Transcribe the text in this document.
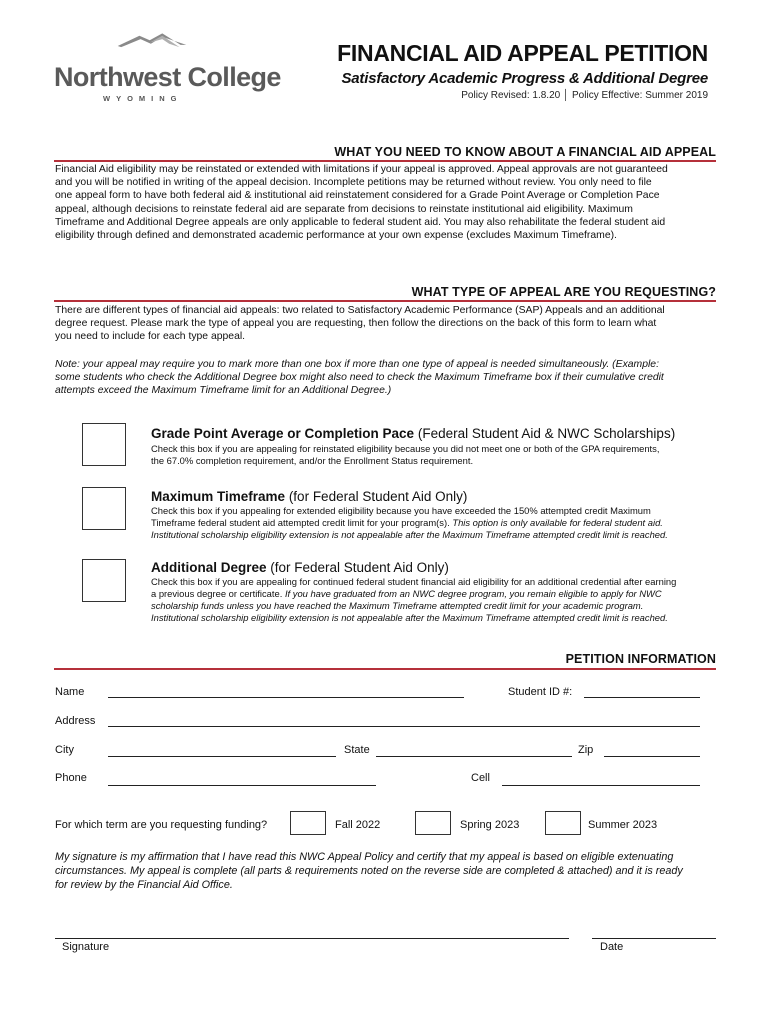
Northwest College
WYOMING
FINANCIAL AID APPEAL PETITION
Satisfactory Academic Progress & Additional Degree
Policy Revised: 1.8.20 │ Policy Effective: Summer 2019
WHAT YOU NEED TO KNOW ABOUT A FINANCIAL AID APPEAL
Financial Aid eligibility may be reinstated or extended with limitations if your appeal is approved. Appeal approvals are not guaranteed
and you will be notified in writing of the appeal decision. Incomplete petitions may be returned without review. You only need to file
one appeal form to have both federal aid & institutional aid reinstatement considered for a Grade Point Average or Completion Pace
appeal, although decisions to reinstate federal aid are separate from decisions to reinstate institutional aid eligibility. Maximum
Timeframe and Additional Degree appeals are only applicable to federal student aid. You may also rehabilitate the federal student aid
eligibility through defined and demonstrated academic performance at your own expense (excludes Maximum Timeframe).
WHAT TYPE OF APPEAL ARE YOU REQUESTING?
There are different types of financial aid appeals: two related to Satisfactory Academic Performance (SAP) Appeals and an additional
degree request. Please mark the type of appeal you are requesting, then follow the directions on the back of this form to learn what
you need to include for each type appeal.
Note: your appeal may require you to mark more than one box if more than one type of appeal is needed simultaneously. (Example:
some students who check the Additional Degree box might also need to check the Maximum Timeframe box if their cumulative credit
attempts exceed the Maximum Timeframe limit for an Additional Degree.)
Grade Point Average or Completion Pace (Federal Student Aid & NWC Scholarships)
Check this box if you are appealing for reinstated eligibility because you did not meet one or both of the GPA requirements,
the 67.0% completion requirement, and/or the Enrollment Status requirement.
Maximum Timeframe (for Federal Student Aid Only)
Check this box if you appealing for extended eligibility because you have exceeded the 150% attempted credit Maximum
Timeframe federal student aid attempted credit limit for your program(s). This option is only available for federal student aid.
Institutional scholarship eligibility extension is not appealable after the Maximum Timeframe attempted credit limit is reached.
Additional Degree (for Federal Student Aid Only)
Check this box if you are appealing for continued federal student financial aid eligibility for an additional credential after earning
a previous degree or certificate. If you have graduated from an NWC degree program, you remain eligible to apply for NWC
scholarship funds unless you have reached the Maximum Timeframe attempted credit limit for your academic program.
Institutional scholarship eligibility extension is not appealable after the Maximum Timeframe attempted credit limit is reached.
PETITION INFORMATION
Name	Student ID #:
Address
City	State	Zip
Phone	Cell
For which term are you requesting funding?	Fall 2022	Spring 2023	Summer 2023
My signature is my affirmation that I have read this NWC Appeal Policy and certify that my appeal is based on eligible extenuating
circumstances. My appeal is complete (all parts & requirements noted on the reverse side are completed & attached) and it is ready
for review by the Financial Aid Office.
Signature	Date
